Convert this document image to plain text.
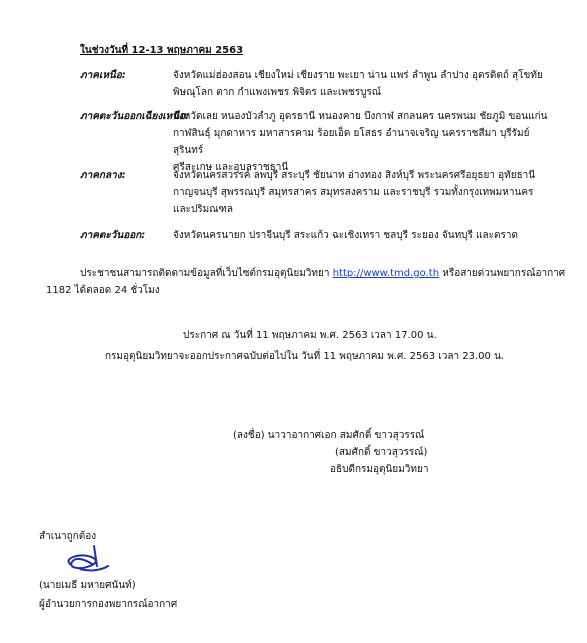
ในช่วงวันที่ 12-13 พฤษภาคม 2563
ภาคเหนือ:	จังหวัดแม่ฮ่องสอน เชียงใหม่ เชียงราย พะเยา น่าน แพร่ ลำพูน ลำปาง อุตรดิตถ์ สุโขทัย
พิษณุโลก ตาก กำแพงเพชร พิจิตร และเพชรบูรณ์
ภาคตะวันออกเฉียงเหนือ:
จังหวัดเลย หนองบัวลำภู อุดรธานี หนองคาย บึงกาฬ สกลนคร นครพนม ชัยภูมิ ขอนแก่น
กาฬสินธุ์ มุกดาหาร มหาสารคาม ร้อยเอ็ด ยโสธร อำนาจเจริญ นครราชสีมา บุรีรัมย์ สุรินทร์
ศรีสะเกษ และอุบลราชธานี
ภาคกลาง:	จังหวัดนครสวรรค์ ลพบุรี สระบุรี ชัยนาท อ่างทอง สิงห์บุรี พระนครศรีอยุธยา อุทัยธานี
กาญจนบุรี สุพรรณบุรี สมุทรสาคร สมุทรสงคราม และราชบุรี รวมทั้งกรุงเทพมหานคร
และปริมณฑล
ภาคตะวันออก:	จังหวัดนครนายก ปราจีนบุรี สระแก้ว ฉะเชิงเทรา ชลบุรี ระยอง จันทบุรี และตราด
ประชาชนสามารถติดตามข้อมูลที่เว็บไซต์กรมอุตุนิยมวิทยา http://www.tmd.go.th หรือสายด่วนพยากรณ์อากาศ
1182 ได้ตลอด 24 ชั่วโมง
ประกาศ ณ วันที่ 11 พฤษภาคม พ.ศ. 2563 เวลา 17.00 น.
กรมอุตุนิยมวิทยาจะออกประกาศฉบับต่อไปใน วันที่ 11 พฤษภาคม พ.ศ. 2563 เวลา 23.00 น.
(ลงชื่อ) นาวาอากาศเอก สมศักดิ์ ขาวสุวรรณ์
(สมศักดิ์ ขาวสุวรรณ์)
อธิบดีกรมอุตุนิยมวิทยา
สำเนาถูกต้อง
(นายเมธี มหายศนันท์)
ผู้อำนวยการกองพยากรณ์อากาศ
